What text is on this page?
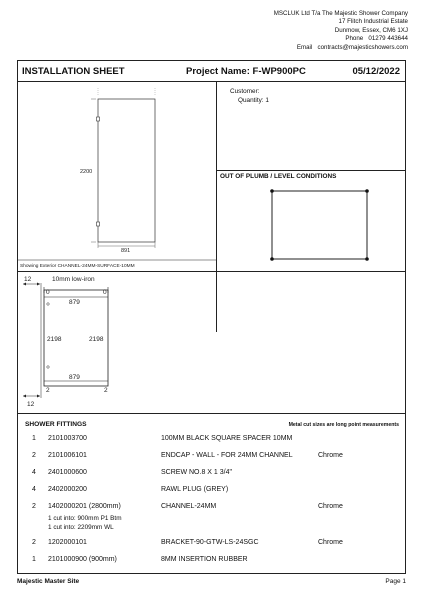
MSCLUK Ltd T/a The Majestic Shower Company
17 Flitch Industrial Estate
Dunmow, Essex, CM6 1XJ
Phone 01279 443644
Email contracts@majesticshowers.com
INSTALLATION SHEET	Project Name: F-WP900PC	05/12/2022
2200
891
Showing Exterior CHANNEL-24MM-SURFACE-10MM
Customer:
Quantity: 1
OUT OF PLUMB / LEVEL CONDITIONS
12	10mm low-iron
0	0
879
2198	2198
879
2	2
12
SHOWER FITTINGS	Metal cut sizes are long point measurements
1 2101003700	100MM BLACK SQUARE SPACER 10MM
2 2101006101	ENDCAP - WALL - FOR 24MM CHANNEL	Chrome
4 2401000600	SCREW NO.8 X 1 3/4"
4 2402000200	RAWL PLUG (GREY)
2 1402000201 (2800mm)	CHANNEL-24MM	Chrome
1 cut into: 900mm P1 Btm
1 cut into: 2209mm WL
2 1202000101	BRACKET-90-GTW-LS-24SGC	Chrome
1 2101000900 (900mm)	8MM INSERTION RUBBER
Majestic Master Site	Page 1
